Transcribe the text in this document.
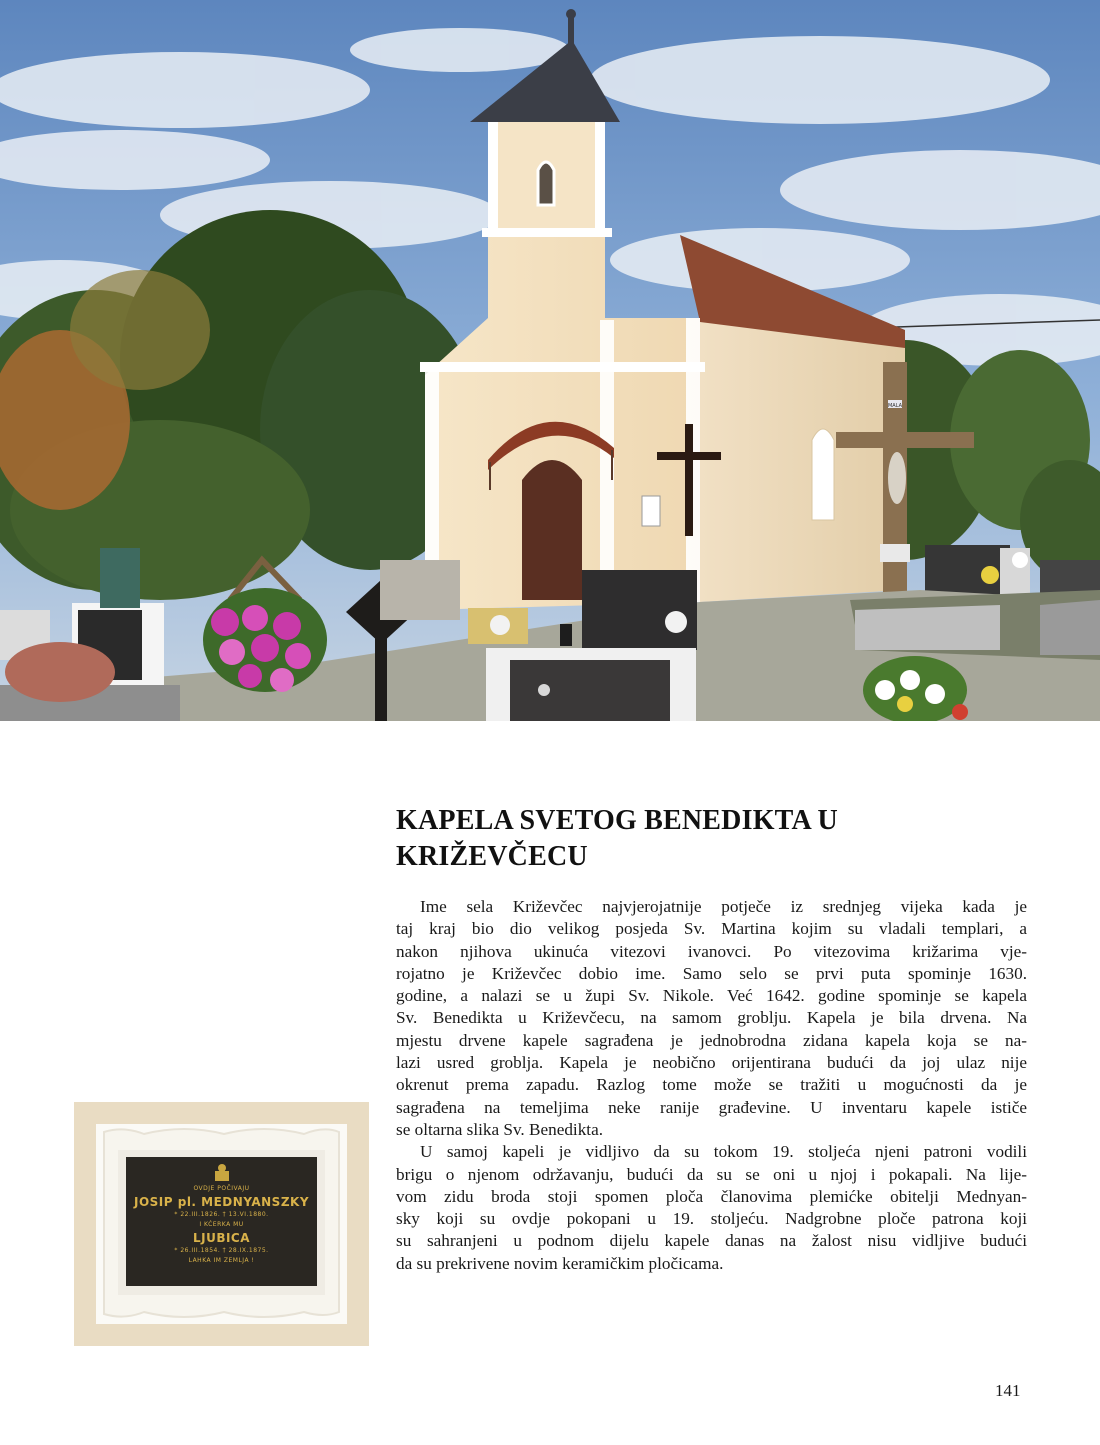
MALA
KAPELA SVETOG BENEDIKTA U
KRIŽEVČECU
Ime sela Križevčec najvjerojatnije potječe iz srednjeg vijeka kada je
taj kraj bio dio velikog posjeda Sv. Martina kojim su vladali templari, a
nakon njihova ukinuća vitezovi ivanovci. Po vitezovima križarima vje-
rojatno je Križevčec dobio ime. Samo selo se prvi puta spominje 1630.
godine, a nalazi se u župi Sv. Nikole. Već 1642. godine spominje se kapela
Sv. Benedikta u Križevčecu, na samom groblju. Kapela je bila drvena. Na
mjestu drvene kapele sagrađena je jednobrodna zidana kapela koja se na-
lazi usred groblja. Kapela je neobično orijentirana budući da joj ulaz nije
okrenut prema zapadu. Razlog tome može se tražiti u mogućnosti da je
sagrađena na temeljima neke ranije građevine. U inventaru kapele ističe
se oltarna slika Sv. Benedikta.
U samoj kapeli je vidljivo da su tokom 19. stoljeća njeni patroni vodili
brigu o njenom održavanju, budući da su se oni u njoj i pokapali. Na lije-
vom zidu broda stoji spomen ploča članovima plemićke obitelji Mednyan-
sky koji su ovdje pokopani u 19. stoljeću. Nadgrobne ploče patrona koji
su sahranjeni u podnom dijelu kapele danas na žalost nisu vidljive budući
da su prekrivene novim keramičkim pločicama.
OVDJE POČIVAJU
JOSIP pl. MEDNYANSZKY
* 22.III.1826. † 13.VI.1880.
I KĆERKA MU
LJUBICA
* 26.III.1854. † 28.IX.1875.
LAHKA IM ZEMLJA !
141
